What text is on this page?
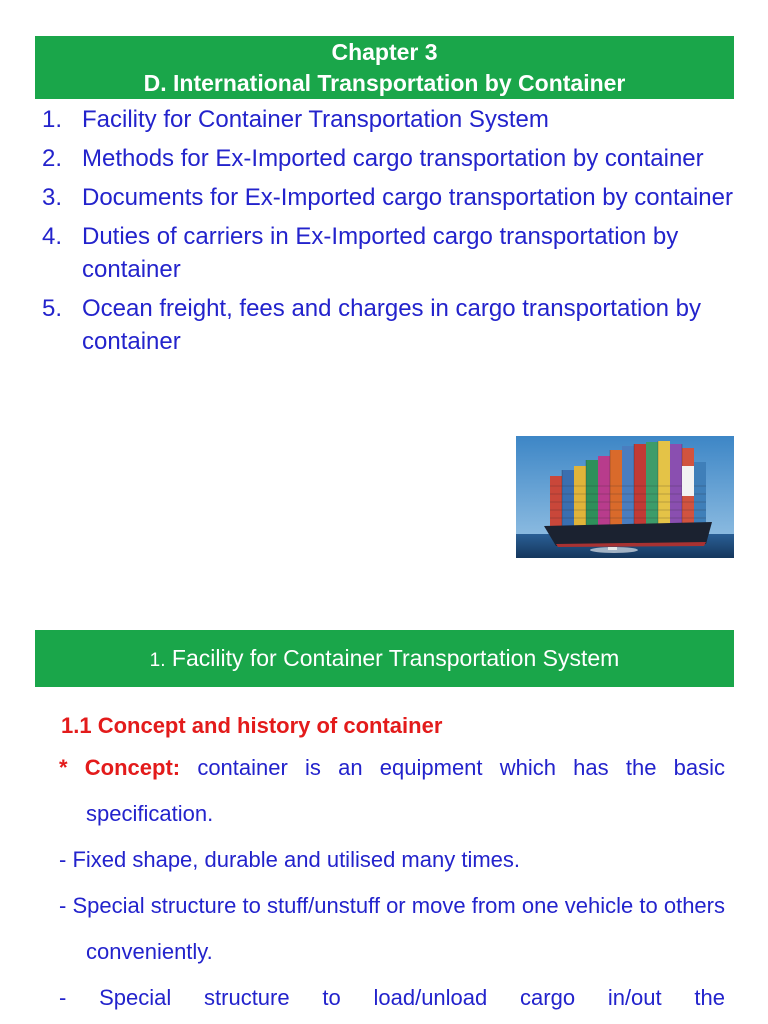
Chapter 3
D. International Transportation by Container
1. Facility for Container Transportation System
2. Methods for Ex-Imported cargo transportation by container
3. Documents for Ex-Imported cargo transportation by container
4. Duties of carriers in Ex-Imported cargo transportation by container
5. Ocean freight, fees and charges in cargo transportation by container
1. Facility for Container Transportation System

1.1 Concept and history of container

* Concept: container is an equipment which has the basic specification.

- Fixed shape, durable and utilised many times.

- Special structure to stuff/unstuff or move from one vehicle to others conveniently.

- Special structure to load/unload cargo in/out the
